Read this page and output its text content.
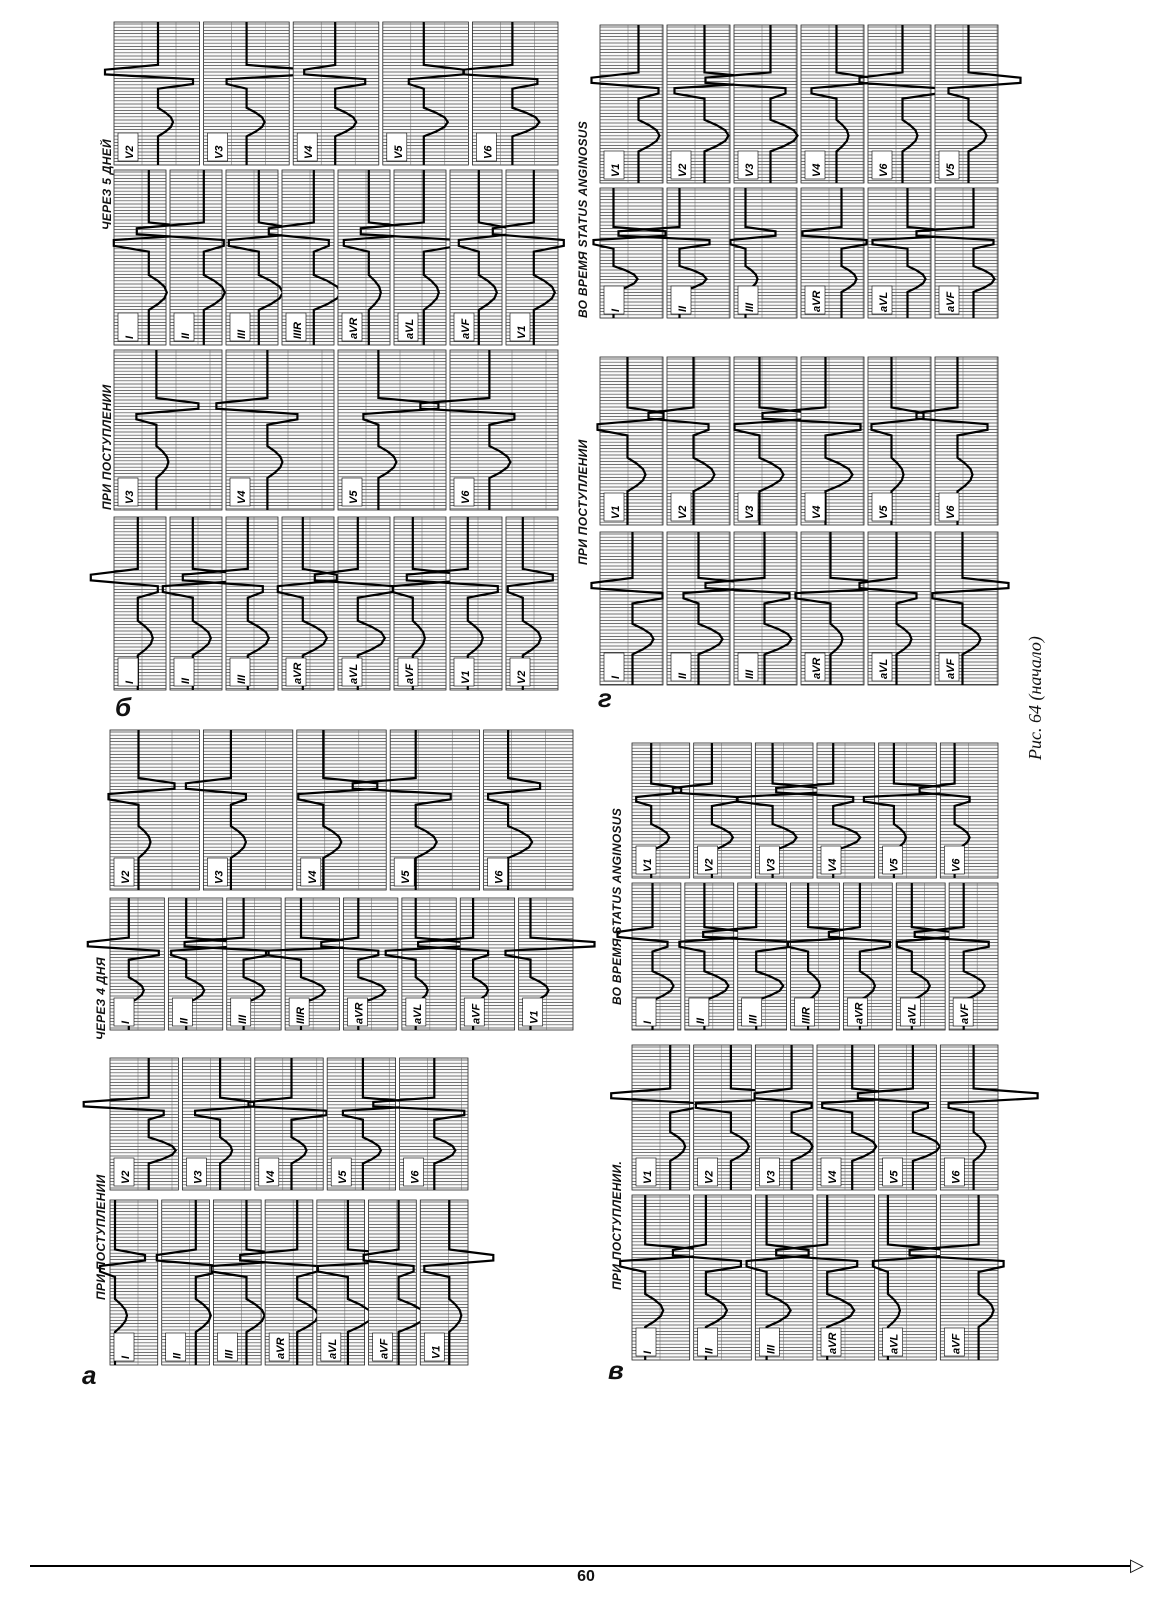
I	II	III	aVR	aVL	aVF	V1
V2	V3	V4	V5	V6
I	II	III	IIIR	aVR	aVL	aVF	V1
V2	V3	V4	V5	V6
I	II	III	aVR	aVL	aVF	V1	V2
V3	V4	V5	V6
I	II	III	IIIR	aVR	aVL	aVF	V1
V2	V3	V4	V5	V6
I	II	III	aVR	aVL	aVF
V1	V2	V3	V4	V5	V6
I	II	III	IIIR	aVR	aVL	aVF
V1	V2	V3	V4	V5	V6
I	II	III	aVR	aVL	aVF
V1	V2	V3	V4	V5	V6
I	II	III	aVR	aVL	aVF
V1	V2	V3	V4	V6	V5
а
б
в
г
ПРИ ПОСТУПЛЕНИИ
ЧЕРЕЗ 4 ДНЯ
ПРИ ПОСТУПЛЕНИИ
ЧЕРЕЗ 5 ДНЕЙ
ПРИ ПОСТУПЛЕНИИ.
ВО ВРЕМЯ STATUS ANGINOSUS
ПРИ ПОСТУПЛЕНИИ
ВО ВРЕМЯ STATUS ANGINOSUS
Рис. 64 (начало)
▷
60
